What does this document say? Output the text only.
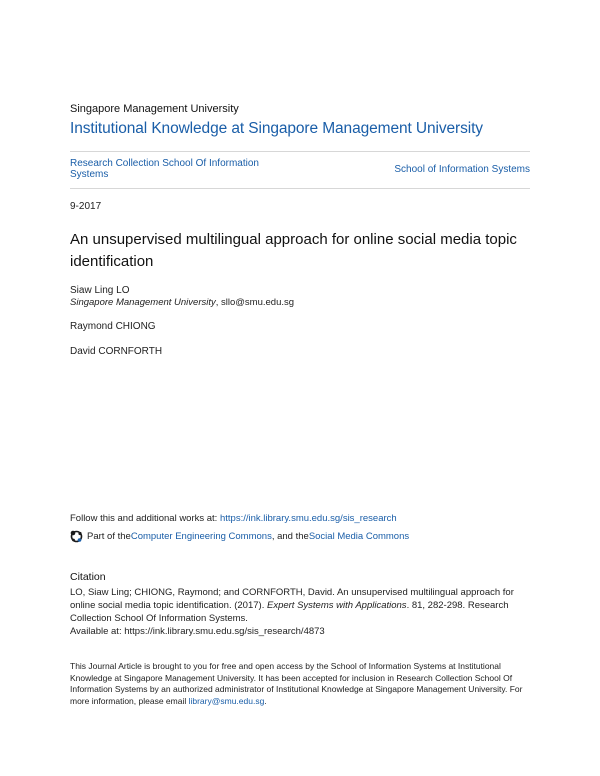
Singapore Management University
Institutional Knowledge at Singapore Management University
Research Collection School Of Information Systems	School of Information Systems
9-2017
An unsupervised multilingual approach for online social media topic identification
Siaw Ling LO
Singapore Management University, sllo@smu.edu.sg
Raymond CHIONG
David CORNFORTH
Follow this and additional works at: https://ink.library.smu.edu.sg/sis_research
Part of the Computer Engineering Commons , and the Social Media Commons
Citation
LO, Siaw Ling; CHIONG, Raymond; and CORNFORTH, David. An unsupervised multilingual approach for online social media topic identification. (2017). Expert Systems with Applications. 81, 282-298. Research Collection School Of Information Systems.
Available at: https://ink.library.smu.edu.sg/sis_research/4873
This Journal Article is brought to you for free and open access by the School of Information Systems at Institutional Knowledge at Singapore Management University. It has been accepted for inclusion in Research Collection School Of Information Systems by an authorized administrator of Institutional Knowledge at Singapore Management University. For more information, please email library@smu.edu.sg.
